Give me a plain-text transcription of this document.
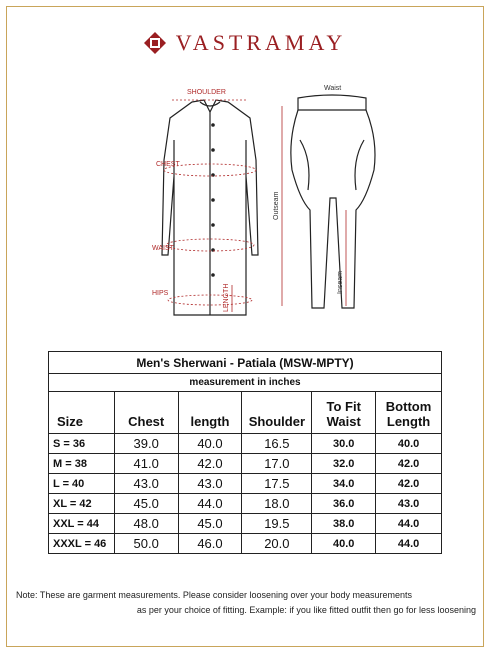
VASTRAMAY
SHOULDER
CHEST
WAIST
HIPS	LENGTH
Waist
Outseam
Inseam
Men's Sherwani - Patiala (MSW-MPTY)					
measurement in inches					
Size	Chest	length	Shoulder	To Fit Waist	Bottom Length
S = 36	39.0	40.0	16.5	30.0	40.0
M = 38	41.0	42.0	17.0	32.0	42.0
L = 40	43.0	43.0	17.5	34.0	42.0
XL = 42	45.0	44.0	18.0	36.0	43.0
XXL = 44	48.0	45.0	19.5	38.0	44.0
XXXL = 46	50.0	46.0	20.0	40.0	44.0
Note: These are garment measurements. Please consider loosening over your body measurements
as per your choice of fitting. Example: if you like fitted outfit then go for less loosening
